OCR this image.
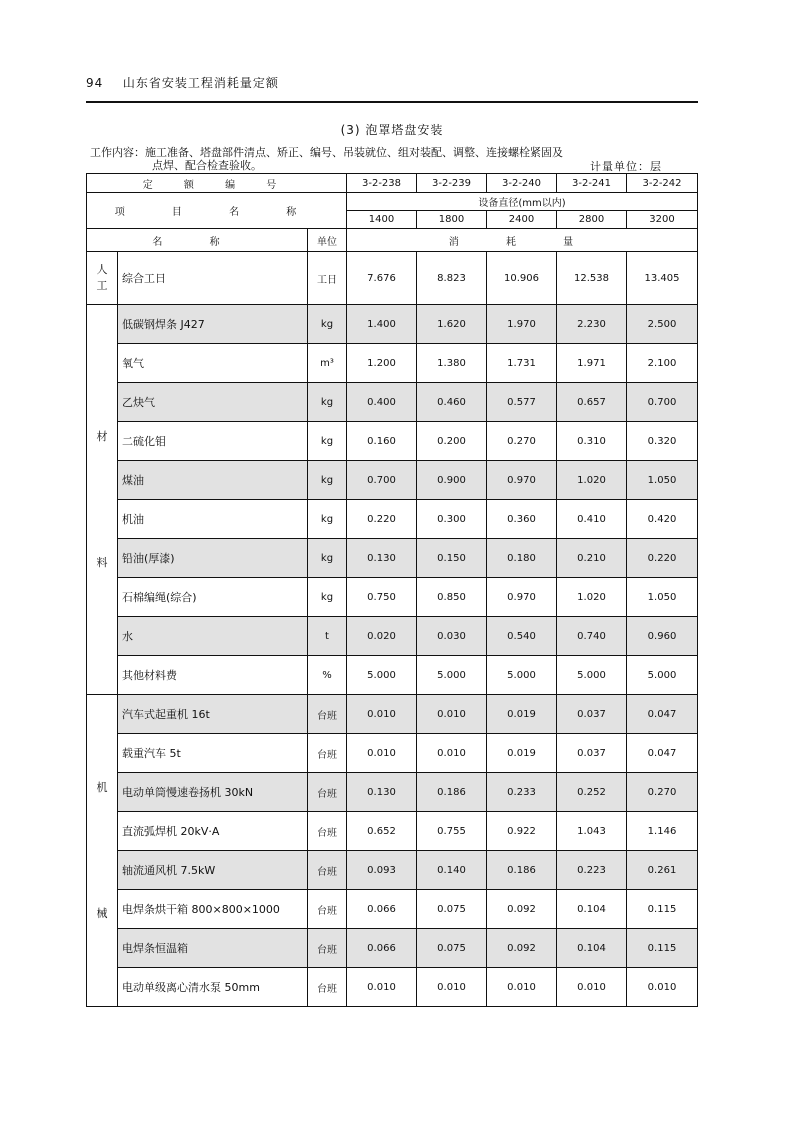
94 山东省安装工程消耗量定额
(3) 泡罩塔盘安装
工作内容：施工准备、塔盘部件清点、矫正、编号、吊装就位、组对装配、调整、连接螺栓紧固及
点焊、配合检查验收。	计量单位：层
定 额 编 号			3-2-238	3-2-239	3-2-240	3-2-241	3-2-242
项 目 名 称			设备直径(mm以内)				
			1400	1800	2400	2800	3200
名 称		单位	消 耗 量				

人
工	综合工日	工日	7.676	8.823	10.906	12.538	13.405

材
料	低碳钢焊条 J427	kg	1.400	1.620	1.970	2.230	2.500
	氧气	m³	1.200	1.380	1.731	1.971	2.100
	乙炔气	kg	0.400	0.460	0.577	0.657	0.700
	二硫化钼	kg	0.160	0.200	0.270	0.310	0.320
	煤油	kg	0.700	0.900	0.970	1.020	1.050
	机油	kg	0.220	0.300	0.360	0.410	0.420
	铅油(厚漆)	kg	0.130	0.150	0.180	0.210	0.220
	石棉编绳(综合)	kg	0.750	0.850	0.970	1.020	1.050
	水	t	0.020	0.030	0.540	0.740	0.960
	其他材料费	%	5.000	5.000	5.000	5.000	5.000

机
械	汽车式起重机 16t	台班	0.010	0.010	0.019	0.037	0.047
	载重汽车 5t	台班	0.010	0.010	0.019	0.037	0.047
	电动单筒慢速卷扬机 30kN	台班	0.130	0.186	0.233	0.252	0.270
	直流弧焊机 20kV·A	台班	0.652	0.755	0.922	1.043	1.146
	轴流通风机 7.5kW	台班	0.093	0.140	0.186	0.223	0.261
	电焊条烘干箱 800×800×1000	台班	0.066	0.075	0.092	0.104	0.115
	电焊条恒温箱	台班	0.066	0.075	0.092	0.104	0.115
	电动单级离心清水泵 50mm	台班	0.010	0.010	0.010	0.010	0.010
